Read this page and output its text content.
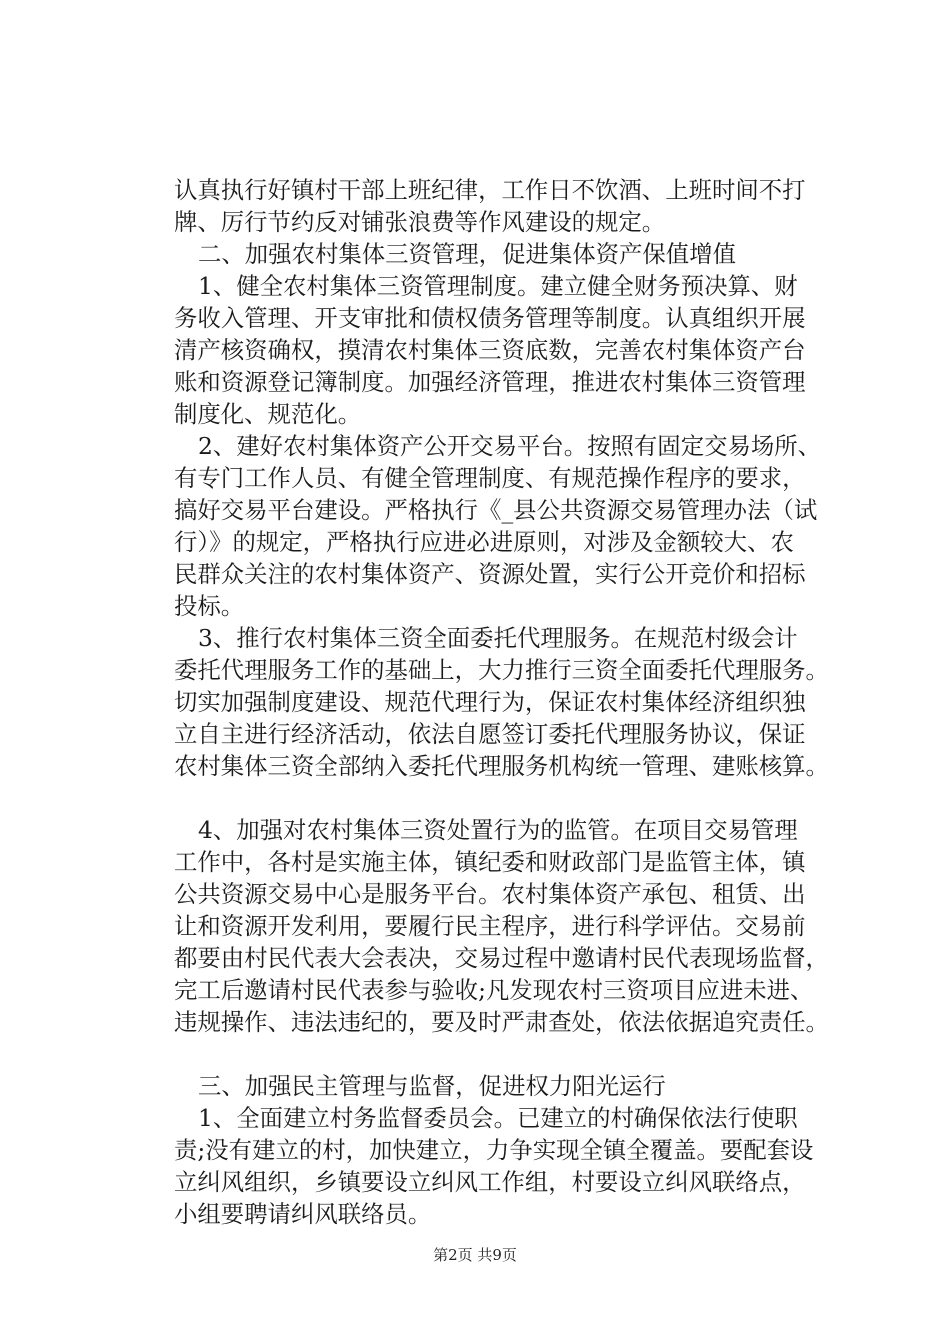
认真执行好镇村干部上班纪律，工作日不饮酒、上班时间不打
牌、厉行节约反对铺张浪费等作风建设的规定。
二、加强农村集体三资管理，促进集体资产保值增值
1、健全农村集体三资管理制度。建立健全财务预决算、财
务收入管理、开支审批和债权债务管理等制度。认真组织开展
清产核资确权，摸清农村集体三资底数，完善农村集体资产台
账和资源登记簿制度。加强经济管理，推进农村集体三资管理
制度化、规范化。
2、建好农村集体资产公开交易平台。按照有固定交易场所、
有专门工作人员、有健全管理制度、有规范操作程序的要求，
搞好交易平台建设。严格执行《_县公共资源交易管理办法（试
行）》的规定，严格执行应进必进原则，对涉及金额较大、农
民群众关注的农村集体资产、资源处置，实行公开竞价和招标
投标。
3、推行农村集体三资全面委托代理服务。在规范村级会计
委托代理服务工作的基础上，大力推行三资全面委托代理服务。
切实加强制度建设、规范代理行为，保证农村集体经济组织独
立自主进行经济活动，依法自愿签订委托代理服务协议，保证
农村集体三资全部纳入委托代理服务机构统一管理、建账核算。
4、加强对农村集体三资处置行为的监管。在项目交易管理
工作中，各村是实施主体，镇纪委和财政部门是监管主体，镇
公共资源交易中心是服务平台。农村集体资产承包、租赁、出
让和资源开发利用，要履行民主程序，进行科学评估。交易前
都要由村民代表大会表决，交易过程中邀请村民代表现场监督，
完工后邀请村民代表参与验收;凡发现农村三资项目应进未进、
违规操作、违法违纪的，要及时严肃查处，依法依据追究责任。
三、加强民主管理与监督，促进权力阳光运行
1、全面建立村务监督委员会。已建立的村确保依法行使职
责;没有建立的村，加快建立，力争实现全镇全覆盖。要配套设
立纠风组织，乡镇要设立纠风工作组，村要设立纠风联络点，
小组要聘请纠风联络员。
第2页 共9页
